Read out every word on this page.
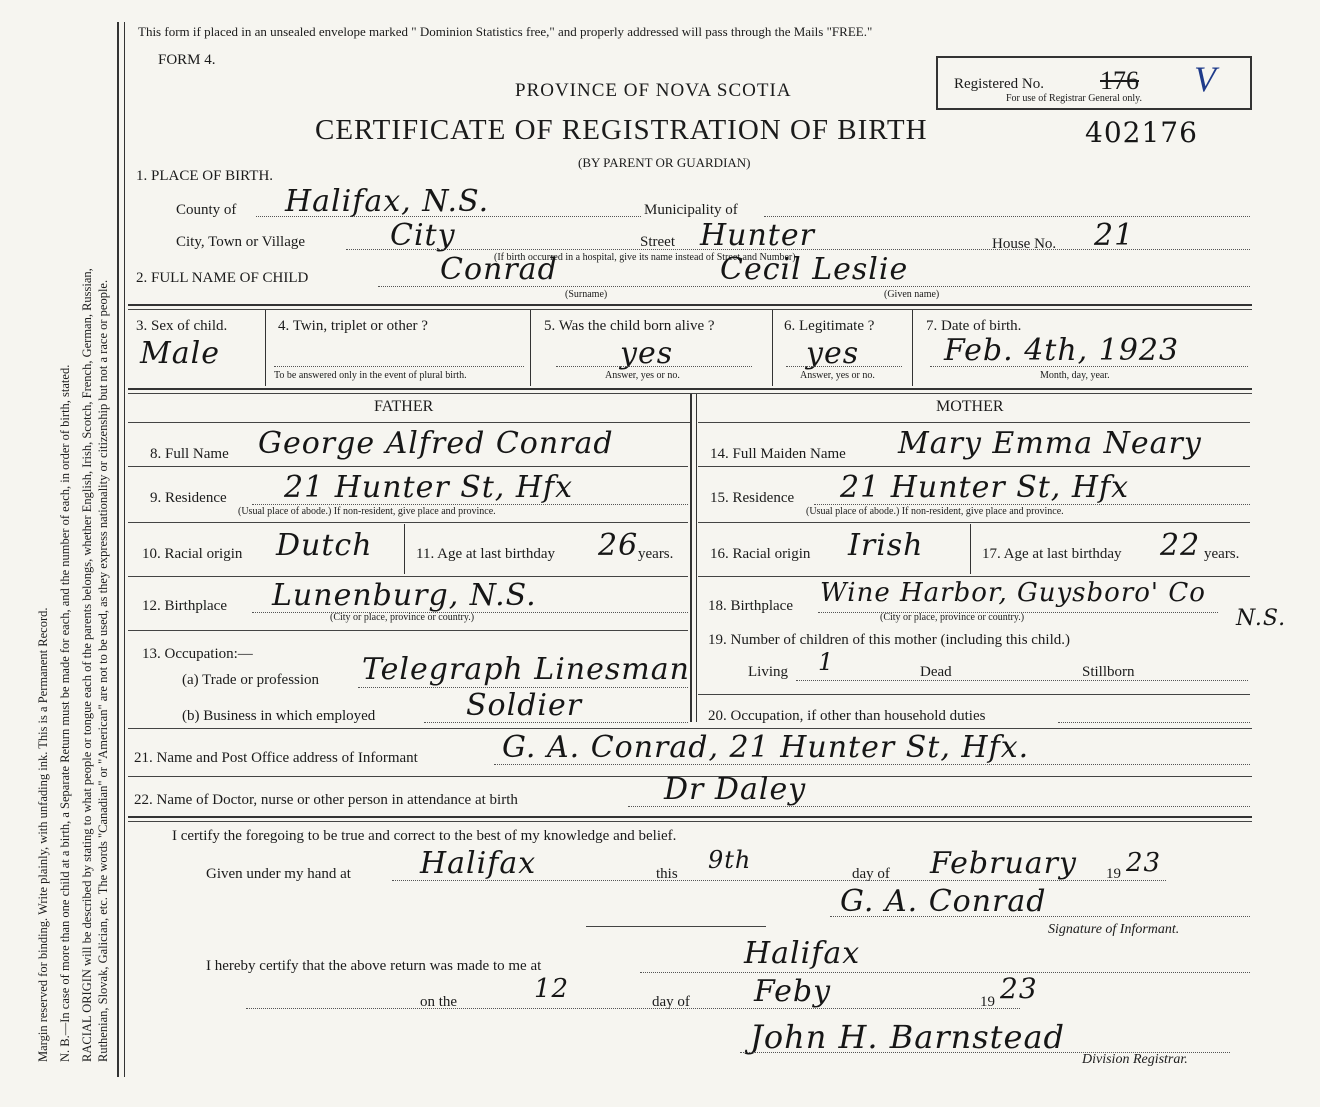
Margin reserved for binding. Write plainly, with unfading ink. This is a Permanent Record. N. B.—In case of more than one child at a birth, a Separate Return must be made for each, and the number of each, in order of birth, stated. RACIAL ORIGIN will be described by stating to what people or tongue each of the parents belongs, whether English, Irish, Scotch, French, German, Russian, Ruthenian, Slovak, Galician, etc. The words "Canadian" or "American" are not to be used, as they express nationality or citizenship but not a race or people.
This form if placed in an unsealed envelope marked " Dominion Statistics free," and properly addressed will pass through the Mails "FREE."
FORM 4.
PROVINCE OF NOVA SCOTIA
CERTIFICATE OF REGISTRATION OF BIRTH	402176
(BY PARENT OR GUARDIAN)
Registered No. 176 V
For use of Registrar General only.
1. PLACE OF BIRTH.
County of Halifax, N.S.	Municipality of
City, Town or Village	City
(If birth occurred in a hospital, give its name instead of Street and Number)
Street Hunter	House No. 21
2. FULL NAME OF CHILD	Conrad	Cecil Leslie
(Surname)	(Given name)
3. Sex of child.
Male
4. Twin, triplet or other ?
To be answered only in the event of plural birth.
5. Was the child born alive ?
yes
Answer, yes or no.
6. Legitimate ?
yes
Answer, yes or no.
7. Date of birth.
Feb. 4th, 1923
Month, day, year.
FATHER	MOTHER
8. Full Name George Alfred Conrad
9. Residence 21 Hunter St, Hfx
(Usual place of abode.) If non-resident, give place and province.
10. Racial origin Dutch	11. Age at last birthday 26 years.
12. Birthplace Lunenburg, N.S.
(City or place, province or country.)
13. Occupation:—
(a) Trade or profession Telegraph Linesman
(b) Business in which employed	Soldier
14. Full Maiden Name Mary Emma Neary
15. Residence 21 Hunter St, Hfx
(Usual place of abode.) If non-resident, give place and province.
16. Racial origin Irish	17. Age at last birthday 22 years.
18. Birthplace Wine Harbor, Guysboro' Co
N.S.
(City or place, province or country.)
19. Number of children of this mother (including this child.)
Living 1	Dead	Stillborn
20. Occupation, if other than household duties
21. Name and Post Office address of Informant	G. A. Conrad, 21 Hunter St, Hfx.
22. Name of Doctor, nurse or other person in attendance at birth	Dr Daley
I certify the foregoing to be true and correct to the best of my knowledge and belief.
Given under my hand at Halifax	this 9th	day of February 19 23
G. A. Conrad
Signature of Informant.
I hereby certify that the above return was made to me at	Halifax
on the	12	day of Feby	19 23
John H. Barnstead
Division Registrar.
